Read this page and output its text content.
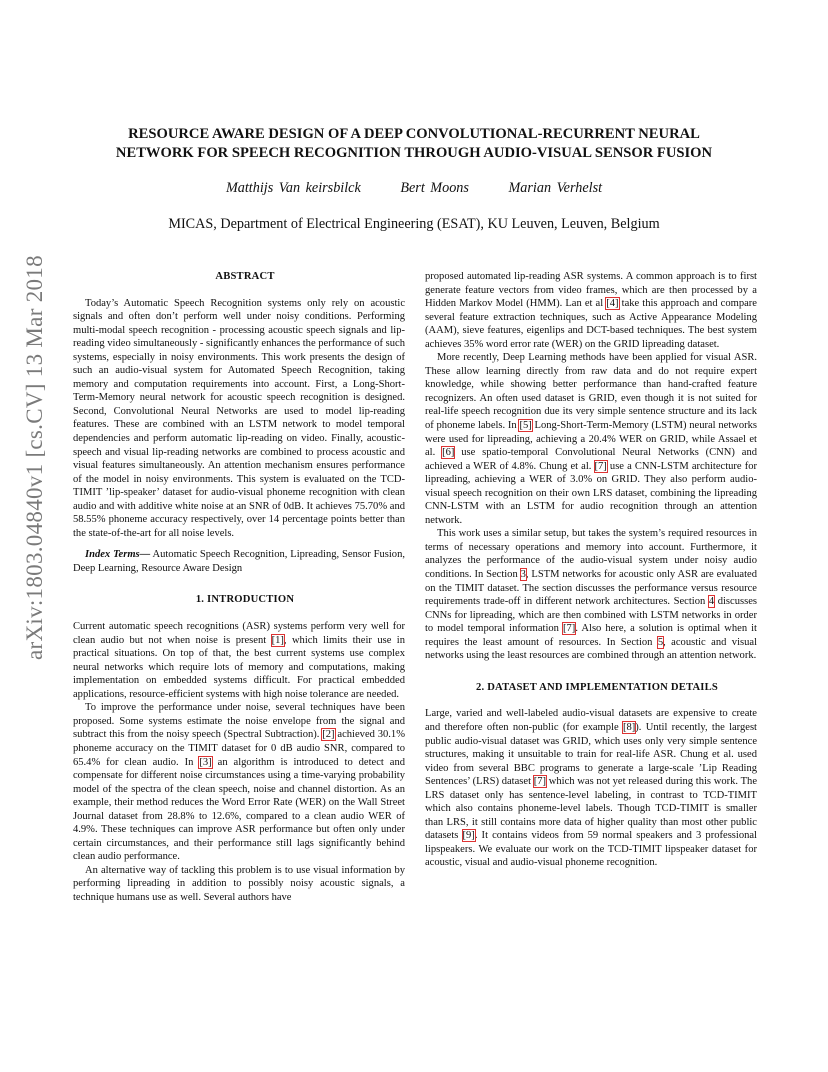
arXiv:1803.04840v1 [cs.CV] 13 Mar 2018
RESOURCE AWARE DESIGN OF A DEEP CONVOLUTIONAL-RECURRENT NEURAL
NETWORK FOR SPEECH RECOGNITION THROUGH AUDIO-VISUAL SENSOR FUSION
Matthijs Van keirsbilck	Bert Moons	Marian Verhelst
MICAS, Department of Electrical Engineering (ESAT), KU Leuven, Leuven, Belgium

ABSTRACT

Today’s Automatic Speech Recognition systems only rely on acoustic signals and often don’t perform well under noisy conditions. Performing multi-modal speech recognition - processing acoustic speech signals and lip-reading video simultaneously - significantly enhances the performance of such systems, especially in noisy environments. This work presents the design of such an audio-visual system for Automated Speech Recognition, taking memory and computation requirements into account. First, a Long-Short-Term-Memory neural network for acoustic speech recognition is designed. Second, Convolutional Neural Networks are used to model lip-reading features. These are combined with an LSTM network to model temporal dependencies and perform automatic lip-reading on video. Finally, acoustic-speech and visual lip-reading networks are combined to process acoustic and visual features simultaneously. An attention mechanism ensures performance of the model in noisy environments. This system is evaluated on the TCD-TIMIT ’lip-speaker’ dataset for audio-visual phoneme recognition with clean audio and with additive white noise at an SNR of 0dB. It achieves 75.70% and 58.55% phoneme accuracy respectively, over 14 percentage points better than the state-of-the-art for all noise levels.

Index Terms— Automatic Speech Recognition, Lipreading, Sensor Fusion, Deep Learning, Resource Aware Design

1. INTRODUCTION

Current automatic speech recognitions (ASR) systems perform very well for clean audio but not when noise is present [1], which limits their use in practical situations. On top of that, the best current systems use complex neural networks which require lots of memory and computations, making implementation on embedded systems difficult. For practical embedded applications, resource-efficient systems with high noise tolerance are needed.

To improve the performance under noise, several techniques have been proposed. Some systems estimate the noise envelope from the signal and subtract this from the noisy speech (Spectral Subtraction). [2] achieved 30.1% phoneme accuracy on the TIMIT dataset for 0 dB audio SNR, compared to 65.4% for clean audio. In [3] an algorithm is introduced to detect and compensate for different noise circumstances using a time-varying probability model of the spectra of the clean speech, noise and channel distortion. As an example, their method reduces the Word Error Rate (WER) on the Wall Street Journal dataset from 28.8% to 12.6%, compared to a clean audio WER of 4.9%. These techniques can improve ASR performance but often only under certain circumstances, and their performance still lags significantly behind clean audio performance.

An alternative way of tackling this problem is to use visual information by performing lipreading in addition to possibly noisy acoustic signals, a technique humans use as well. Several authors have

proposed automated lip-reading ASR systems. A common approach is to first generate feature vectors from video frames, which are then processed by a Hidden Markov Model (HMM). Lan et al [4] take this approach and compare several feature extraction techniques, such as Active Appearance Modeling (AAM), sieve features, eigenlips and DCT-based techniques. The best system achieves 35% word error rate (WER) on the GRID lipreading dataset.

More recently, Deep Learning methods have been applied for visual ASR. These allow learning directly from raw data and do not require expert knowledge, while showing better performance than hand-crafted feature recognizers. An often used dataset is GRID, even though it is not suited for real-life speech recognition due its very simple sentence structure and its lack of phoneme labels. In [5] Long-Short-Term-Memory (LSTM) neural networks were used for lipreading, achieving a 20.4% WER on GRID, while Assael et al. [6] use spatio-temporal Convolutional Neural Networks (CNN) and achieved a WER of 4.8%. Chung et al. [7] use a CNN-LSTM architecture for lipreading, achieving a WER of 3.0% on GRID. They also perform audio-visual speech recognition on their own LRS dataset, combining the lipreading CNN-LSTM with an LSTM for audio recognition through an attention network.

This work uses a similar setup, but takes the system’s required resources in terms of necessary operations and memory into account. Furthermore, it analyzes the performance of the audio-visual system under noisy audio conditions. In Section 3, LSTM networks for acoustic only ASR are evaluated on the TIMIT dataset. The section discusses the performance versus resource requirements trade-off in different network architectures. Section 4 discusses CNNs for lipreading, which are then combined with LSTM networks in order to model temporal information [7]. Also here, a solution is optimal when it requires the least amount of resources. In Section 5, acoustic and visual networks using the least resources are combined through an attention network.

2. DATASET AND IMPLEMENTATION DETAILS

Large, varied and well-labeled audio-visual datasets are expensive to create and therefore often non-public (for example [8]). Until recently, the largest public audio-visual dataset was GRID, which uses only very simple sentence structures, making it unsuitable to train for real-life ASR. Chung et al. used video from several BBC programs to generate a large-scale ’Lip Reading Sentences’ (LRS) dataset [7] which was not yet released during this work. The LRS dataset only has sentence-level labeling, in contrast to TCD-TIMIT which also contains phoneme-level labels. Though TCD-TIMIT is smaller than LRS, it still contains more data of higher quality than most other public datasets [9]. It contains videos from 59 normal speakers and 3 professional lipspeakers. We evaluate our work on the TCD-TIMIT lipspeaker dataset for acoustic, visual and audio-visual phoneme recognition.
